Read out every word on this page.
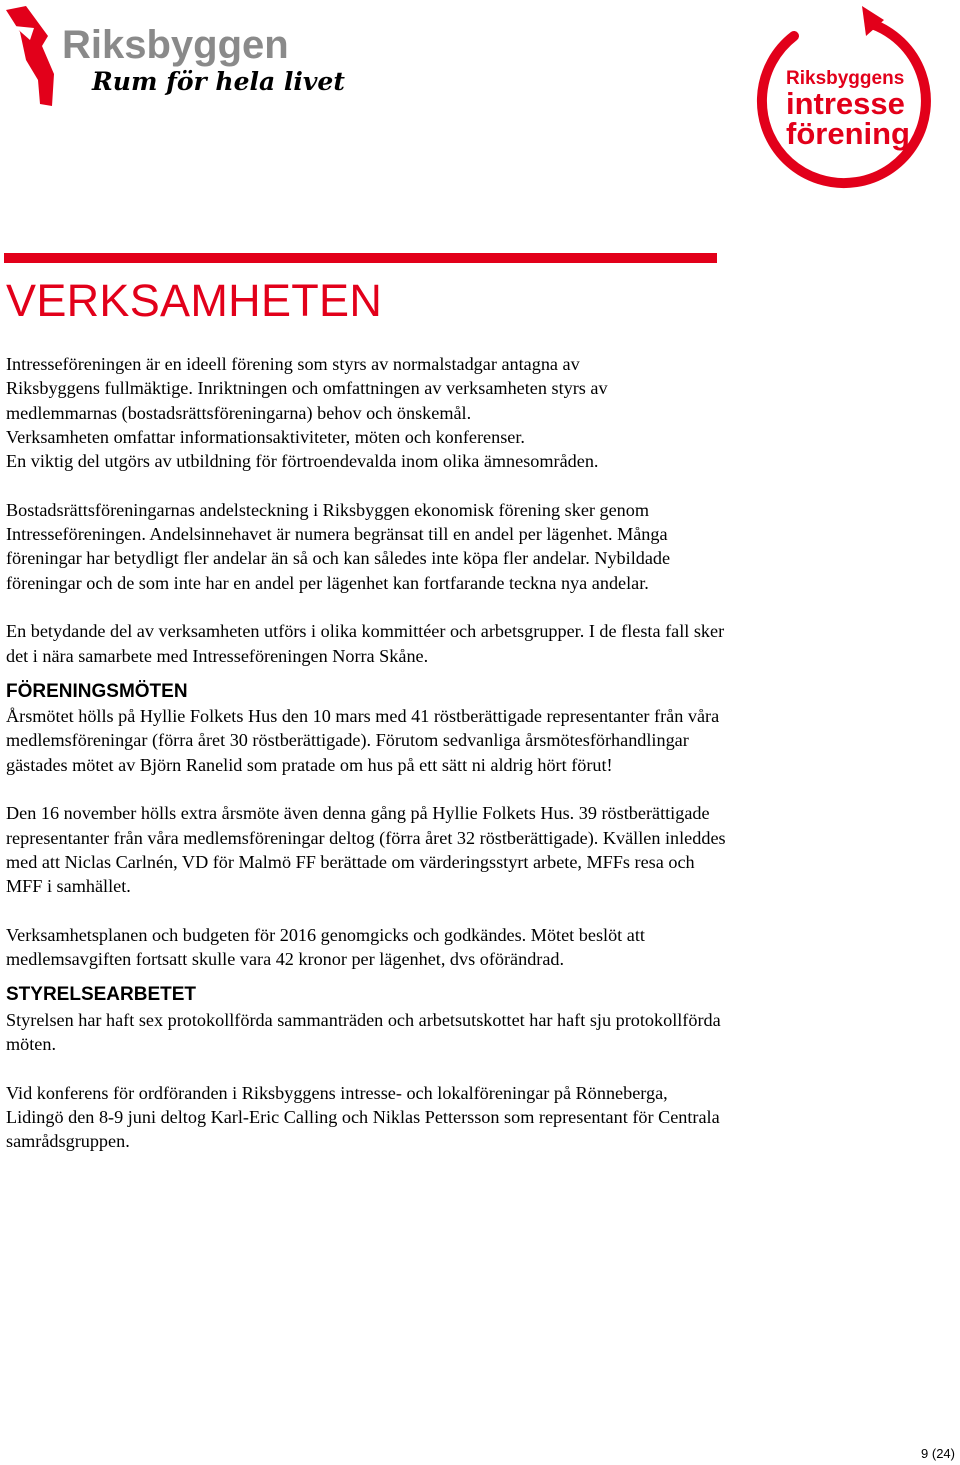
Riksbyggen
Rum för hela livet	Riksbyggens
intresse
förening
VERKSAMHETEN

Intresseföreningen är en ideell förening som styrs av normalstadgar antagna av

Riksbyggens fullmäktige. Inriktningen och omfattningen av verksamheten styrs av

medlemmarnas (bostadsrättsföreningarna) behov och önskemål.

Verksamheten omfattar informationsaktiviteter, möten och konferenser.

En viktig del utgörs av utbildning för förtroendevalda inom olika ämnesområden.

Bostadsrättsföreningarnas andelsteckning i Riksbyggen ekonomisk förening sker genom Intresseföreningen. Andelsinnehavet är numera begränsat till en andel per lägenhet. Många föreningar har betydligt fler andelar än så och kan således inte köpa fler andelar. Nybildade föreningar och de som inte har en andel per lägenhet kan fortfarande teckna nya andelar.

En betydande del av verksamheten utförs i olika kommittéer och arbetsgrupper. I de flesta fall sker det i nära samarbete med Intresseföreningen Norra Skåne.

FÖRENINGSMÖTEN

Årsmötet hölls på Hyllie Folkets Hus den 10 mars med 41 röstberättigade representanter från våra medlemsföreningar (förra året 30 röstberättigade). Förutom sedvanliga årsmötesförhandlingar gästades mötet av Björn Ranelid som pratade om hus på ett sätt ni aldrig hört förut!

Den 16 november hölls extra årsmöte även denna gång på Hyllie Folkets Hus. 39 röstberättigade representanter från våra medlemsföreningar deltog (förra året 32 röstberättigade). Kvällen inleddes med att Niclas Carlnén, VD för Malmö FF berättade om värderingsstyrt arbete, MFFs resa och MFF i samhället.

Verksamhetsplanen och budgeten för 2016 genomgicks och godkändes. Mötet beslöt att medlemsavgiften fortsatt skulle vara 42 kronor per lägenhet, dvs oförändrad.

STYRELSEARBETET

Styrelsen har haft sex protokollförda sammanträden och arbetsutskottet har haft sju protokollförda möten.

Vid konferens för ordföranden i Riksbyggens intresse- och lokalföreningar på Rönneberga, Lidingö den 8-9 juni deltog Karl-Eric Calling och Niklas Pettersson som representant för Centrala samrådsgruppen.

9 (24)
